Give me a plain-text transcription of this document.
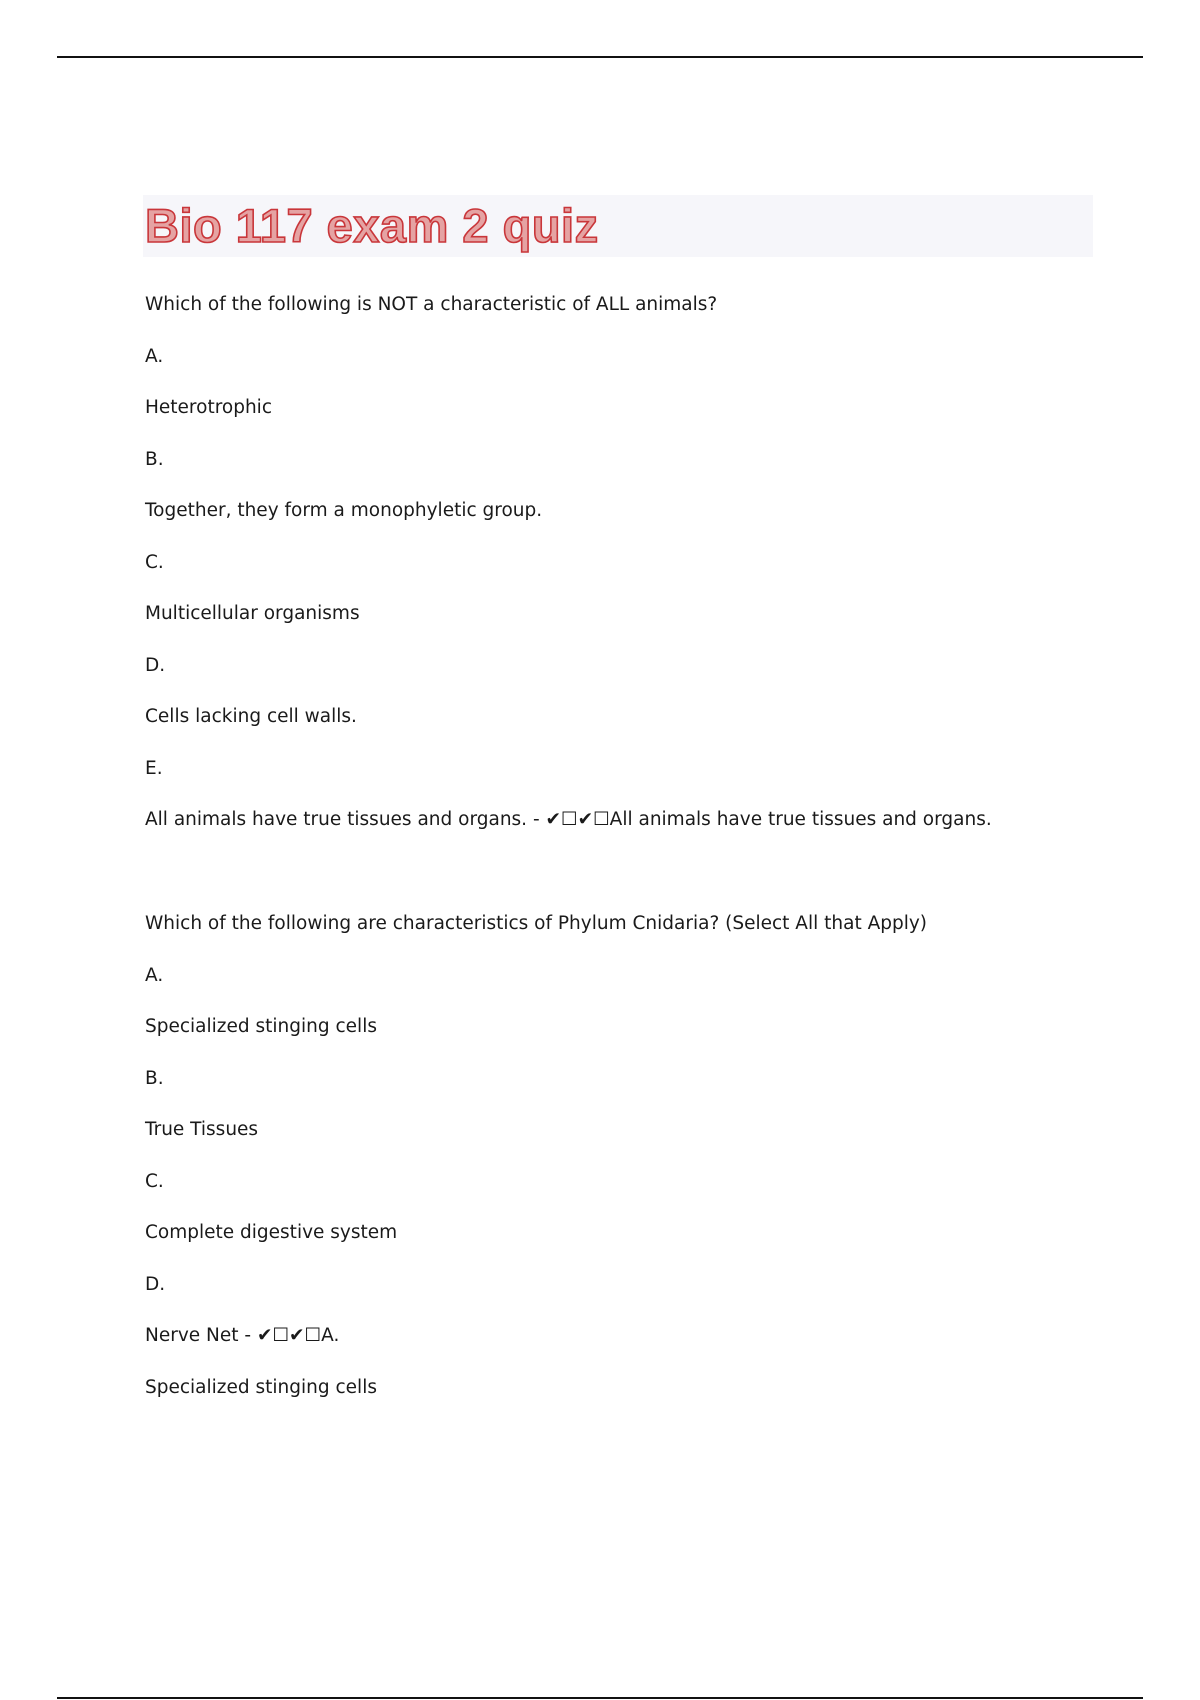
Bio 117 exam 2 quiz

Which of the following is NOT a characteristic of ALL animals?

A.

Heterotrophic

B.

Together, they form a monophyletic group.

C.

Multicellular organisms

D.

Cells lacking cell walls.

E.

All animals have true tissues and organs. - ✔☐✔☐All animals have true tissues and organs.

Which of the following are characteristics of Phylum Cnidaria? (Select All that Apply)

A.

Specialized stinging cells

B.

True Tissues

C.

Complete digestive system

D.

Nerve Net - ✔☐✔☐A.

Specialized stinging cells
